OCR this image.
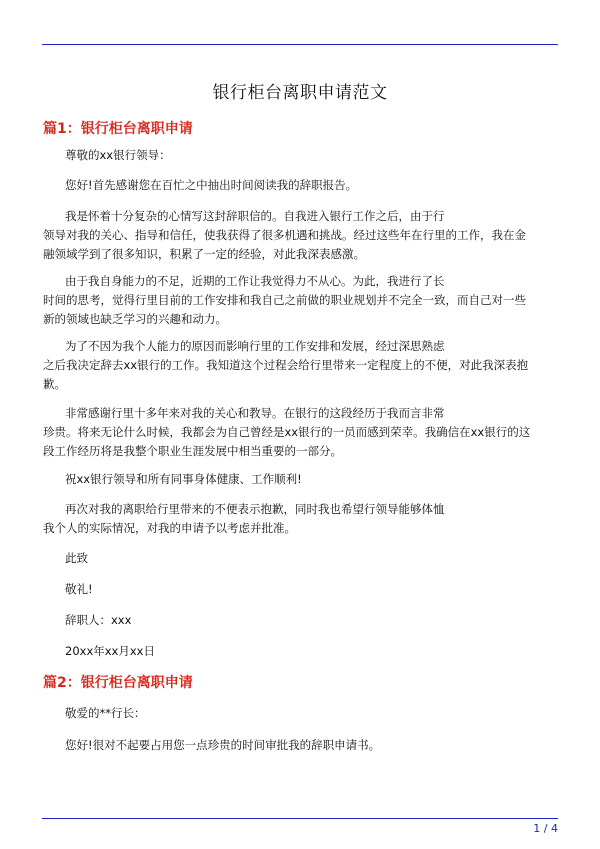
银行柜台离职申请范文
篇1：银行柜台离职申请
尊敬的xx银行领导：
您好!首先感谢您在百忙之中抽出时间阅读我的辞职报告。
我是怀着十分复杂的心情写这封辞职信的。自我进入银行工作之后，由于行
领导对我的关心、指导和信任，使我获得了很多机遇和挑战。经过这些年在行里的工作，我在金
融领域学到了很多知识，积累了一定的经验，对此我深表感激。
由于我自身能力的不足，近期的工作让我觉得力不从心。为此，我进行了长
时间的思考，觉得行里目前的工作安排和我自己之前做的职业规划并不完全一致，而自己对一些
新的领域也缺乏学习的兴趣和动力。
为了不因为我个人能力的原因而影响行里的工作安排和发展，经过深思熟虑
之后我决定辞去xx银行的工作。我知道这个过程会给行里带来一定程度上的不便，对此我深表抱
歉。
非常感谢行里十多年来对我的关心和教导。在银行的这段经历于我而言非常
珍贵。将来无论什么时候，我都会为自己曾经是xx银行的一员而感到荣幸。我确信在xx银行的这
段工作经历将是我整个职业生涯发展中相当重要的一部分。
祝xx银行领导和所有同事身体健康、工作顺利!
再次对我的离职给行里带来的不便表示抱歉，同时我也希望行领导能够体恤
我个人的实际情况，对我的申请予以考虑并批准。
此致
敬礼!
辞职人：xxx
20xx年xx月xx日
篇2：银行柜台离职申请
敬爱的**行长：
您好!很对不起要占用您一点珍贵的时间审批我的辞职申请书。
1 / 4
